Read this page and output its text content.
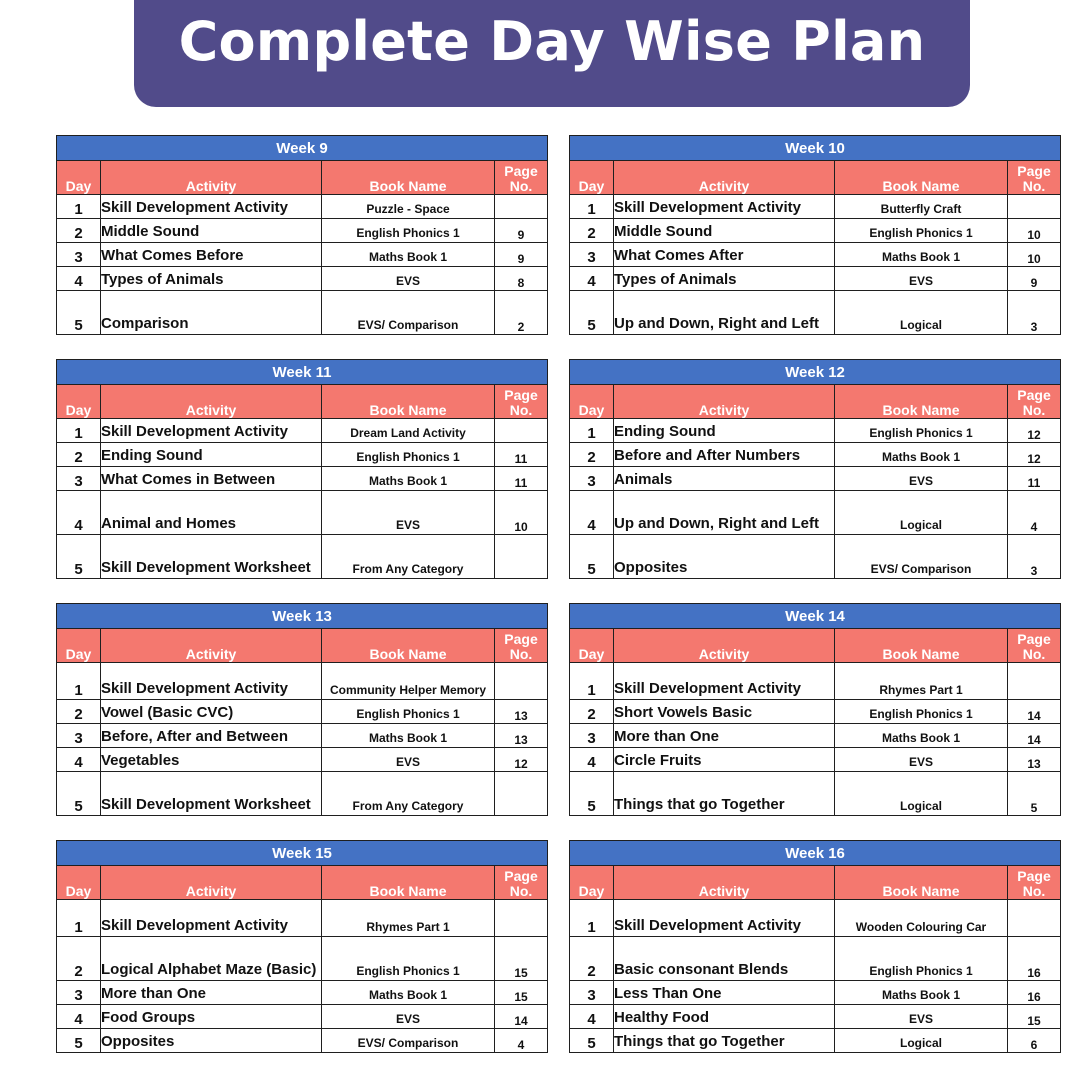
Complete Day Wise Plan
Week 9			
Day	Activity	Book Name	Page
No.
1	Skill Development Activity	Puzzle - Space	
2	Middle Sound	English Phonics 1	9
3	What Comes Before	Maths Book 1	9
4	Types of Animals	EVS	8
5	Comparison	EVS/ Comparison	2
Week 10			
Day	Activity	Book Name	Page
No.
1	Skill Development Activity	Butterfly Craft	
2	Middle Sound	English Phonics 1	10
3	What Comes After	Maths Book 1	10
4	Types of Animals	EVS	9
5	Up and Down, Right and Left	Logical	3
Week 11			
Day	Activity	Book Name	Page
No.
1	Skill Development Activity	Dream Land Activity	
2	Ending Sound	English Phonics 1	11
3	What Comes in Between	Maths Book 1	11
4	Animal and Homes	EVS	10
5	Skill Development Worksheet	From Any Category	
Week 12			
Day	Activity	Book Name	Page
No.
1	Ending Sound	English Phonics 1	12
2	Before and After Numbers	Maths Book 1	12
3	Animals	EVS	11
4	Up and Down, Right and Left	Logical	4
5	Opposites	EVS/ Comparison	3
Week 13			
Day	Activity	Book Name	Page
No.
1	Skill Development Activity	Community Helper Memory	
2	Vowel (Basic CVC)	English Phonics 1	13
3	Before, After and Between	Maths Book 1	13
4	Vegetables	EVS	12
5	Skill Development Worksheet	From Any Category	
Week 14			
Day	Activity	Book Name	Page
No.
1	Skill Development Activity	Rhymes Part 1	
2	Short Vowels Basic	English Phonics 1	14
3	More than One	Maths Book 1	14
4	Circle Fruits	EVS	13
5	Things that go Together	Logical	5
Week 15			
Day	Activity	Book Name	Page
No.
1	Skill Development Activity	Rhymes Part 1	
2	Logical Alphabet Maze (Basic)	English Phonics 1	15
3	More than One	Maths Book 1	15
4	Food Groups	EVS	14
5	Opposites	EVS/ Comparison	4
Week 16			
Day	Activity	Book Name	Page
No.
1	Skill Development Activity	Wooden Colouring Car	
2	Basic consonant Blends	English Phonics 1	16
3	Less Than One	Maths Book 1	16
4	Healthy Food	EVS	15
5	Things that go Together	Logical	6
